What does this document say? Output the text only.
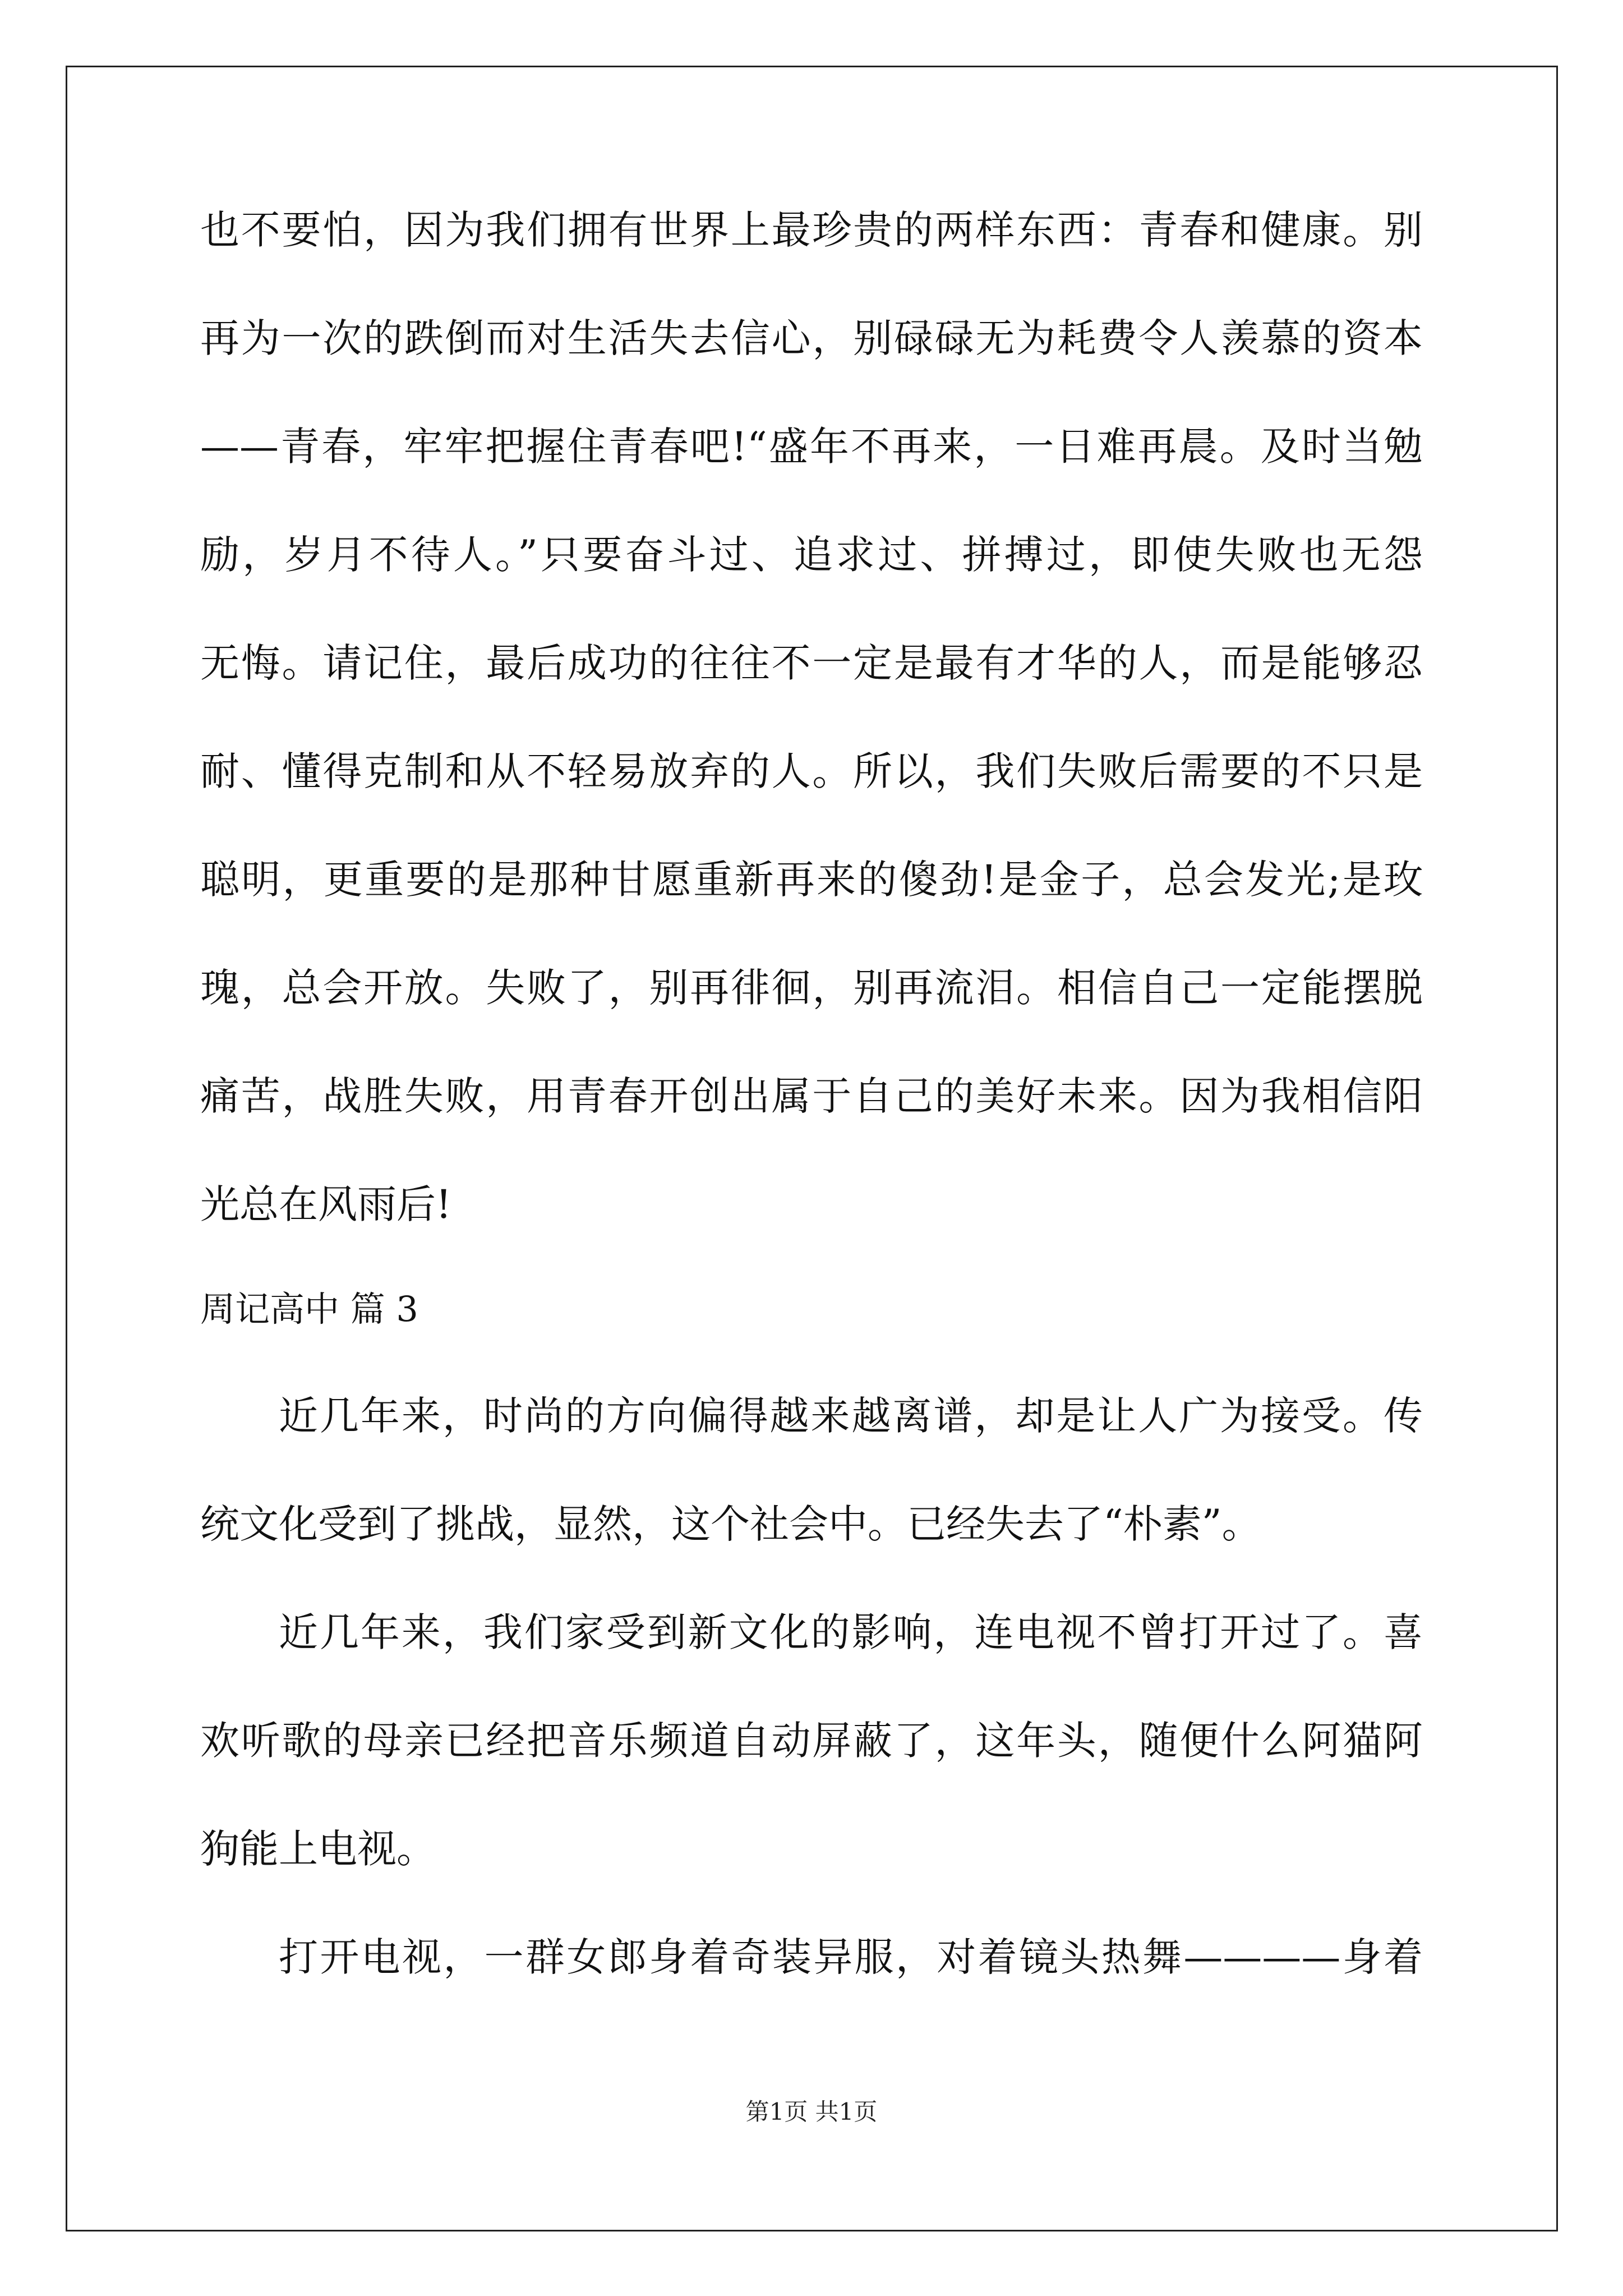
也不要怕，因为我们拥有世界上最珍贵的两样东西：青春和健康。别
再为一次的跌倒而对生活失去信心，别碌碌无为耗费令人羡慕的资本
——青春，牢牢把握住青春吧!“盛年不再来，一日难再晨。及时当勉
励，岁月不待人。”只要奋斗过、追求过、拼搏过，即使失败也无怨
无悔。请记住，最后成功的往往不一定是最有才华的人，而是能够忍
耐、懂得克制和从不轻易放弃的人。所以，我们失败后需要的不只是
聪明，更重要的是那种甘愿重新再来的傻劲!是金子，总会发光;是玫
瑰，总会开放。失败了，别再徘徊，别再流泪。相信自己一定能摆脱
痛苦，战胜失败，用青春开创出属于自己的美好未来。因为我相信阳
光总在风雨后!
周记高中 篇 3
近几年来，时尚的方向偏得越来越离谱，却是让人广为接受。传
统文化受到了挑战，显然，这个社会中。已经失去了“朴素”。
近几年来，我们家受到新文化的影响，连电视不曾打开过了。喜
欢听歌的母亲已经把音乐频道自动屏蔽了，这年头，随便什么阿猫阿
狗能上电视。
打开电视，一群女郎身着奇装异服，对着镜头热舞————身着
第1页 共1页
